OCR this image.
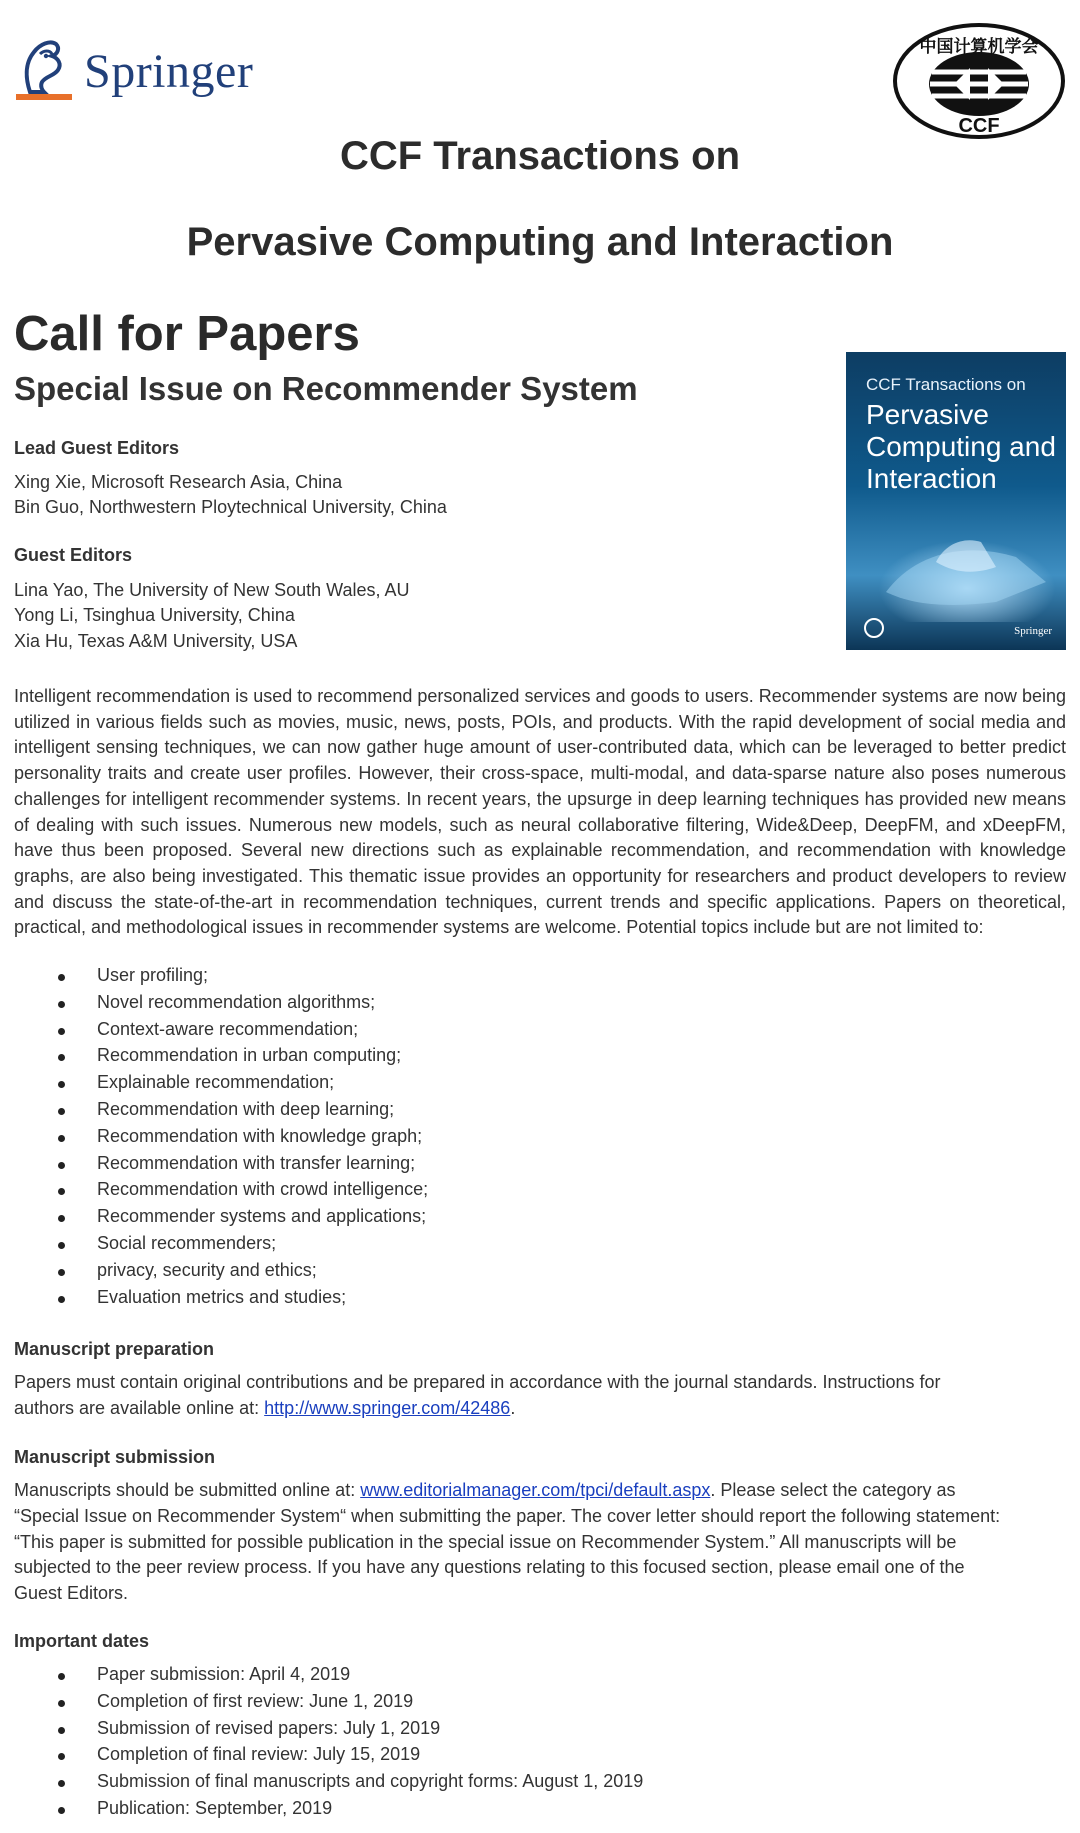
Springer	中国计算机学会
CCF
CCF Transactions on
Pervasive Computing and Interaction
Call for Papers
Special Issue on Recommender System
Lead Guest Editors
Xing Xie, Microsoft Research Asia, China
Bin Guo, Northwestern Ploytechnical University, China
Guest Editors
Lina Yao, The University of New South Wales, AU
Yong Li, Tsinghua University, China
Xia Hu, Texas A&M University, USA
CCF Transactions on
Pervasive
Computing and
Interaction
Springer
Intelligent recommendation is used to recommend personalized services and goods to users. Recommender systems are now being utilized in various fields such as movies, music, news, posts, POIs, and products. With the rapid development of social media and intelligent sensing techniques, we can now gather huge amount of user-contributed data, which can be leveraged to better predict personality traits and create user profiles. However, their cross-space, multi-modal, and data-sparse nature also poses numerous challenges for intelligent recommender systems. In recent years, the upsurge in deep learning techniques has provided new means of dealing with such issues. Numerous new models, such as neural collaborative filtering, Wide&Deep, DeepFM, and xDeepFM, have thus been proposed. Several new directions such as explainable recommendation, and recommendation with knowledge graphs, are also being investigated. This thematic issue provides an opportunity for researchers and product developers to review and discuss the state-of-the-art in recommendation techniques, current trends and specific applications. Papers on theoretical, practical, and methodological issues in recommender systems are welcome. Potential topics include but are not limited to:
User profiling;
Novel recommendation algorithms;
Context-aware recommendation;
Recommendation in urban computing;
Explainable recommendation;
Recommendation with deep learning;
Recommendation with knowledge graph;
Recommendation with transfer learning;
Recommendation with crowd intelligence;
Recommender systems and applications;
Social recommenders;
privacy, security and ethics;
Evaluation metrics and studies;
Manuscript preparation
Papers must contain original contributions and be prepared in accordance with the journal standards. Instructions for
authors are available online at: http://www.springer.com/42486.
Manuscript submission
Manuscripts should be submitted online at: www.editorialmanager.com/tpci/default.aspx. Please select the category as
“Special Issue on Recommender System“ when submitting the paper. The cover letter should report the following statement:
“This paper is submitted for possible publication in the special issue on Recommender System.” All manuscripts will be
subjected to the peer review process. If you have any questions relating to this focused section, please email one of the
Guest Editors.
Important dates
Paper submission: April 4, 2019
Completion of first review: June 1, 2019
Submission of revised papers: July 1, 2019
Completion of final review: July 15, 2019
Submission of final manuscripts and copyright forms: August 1, 2019
Publication: September, 2019
